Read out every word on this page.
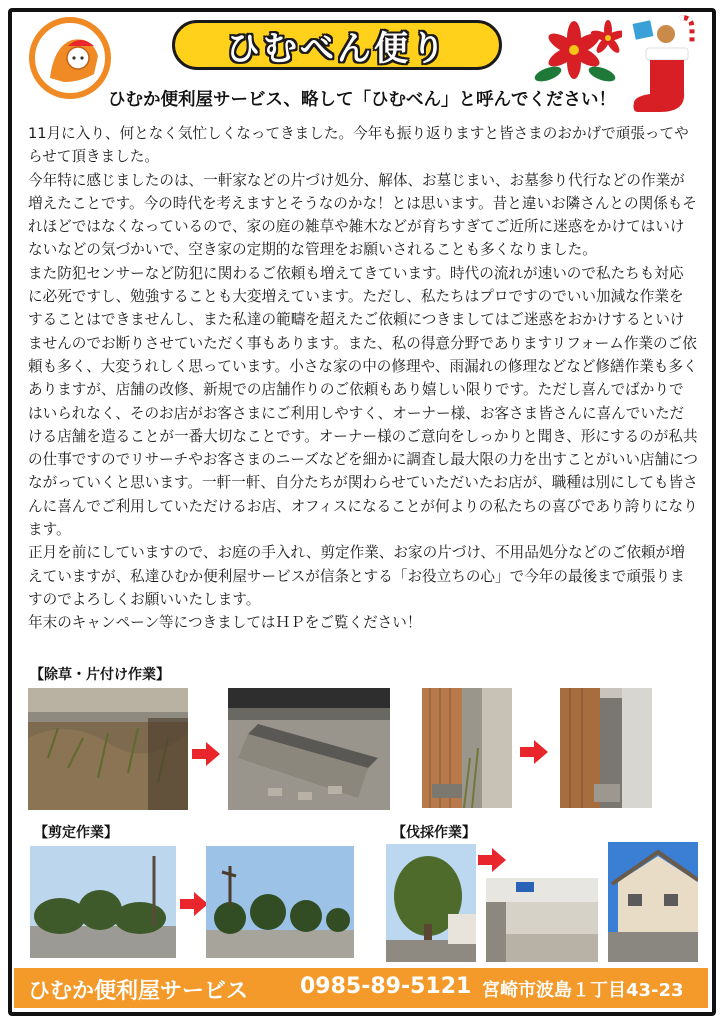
ひむべん便り
ひむか便利屋サービス、略して「ひむべん」と呼んでください！

11月に入り、何となく気忙しくなってきました。今年も振り返りますと皆さまのおかげで頑張ってやらせて頂きました。

今年特に感じましたのは、一軒家などの片づけ処分、解体、お墓じまい、お墓参り代行などの作業が増えたことです。今の時代を考えますとそうなのかな！とは思います。昔と違いお隣さんとの関係もそれほどではなくなっているので、家の庭の雑草や雑木などが育ちすぎてご近所に迷惑をかけてはいけないなどの気づかいで、空き家の定期的な管理をお願いされることも多くなりました。

また防犯センサーなど防犯に関わるご依頼も増えてきています。時代の流れが速いので私たちも対応に必死ですし、勉強することも大変増えています。ただし、私たちはプロですのでいい加減な作業をすることはできませんし、また私達の範疇を超えたご依頼につきましてはご迷惑をおかけするといけませんのでお断りさせていただく事もあります。また、私の得意分野でありますリフォーム作業のご依頼も多く、大変うれしく思っています。小さな家の中の修理や、雨漏れの修理などなど修繕作業も多くありますが、店舗の改修、新規での店舗作りのご依頼もあり嬉しい限りです。ただし喜んでばかりではいられなく、そのお店がお客さまにご利用しやすく、オーナー様、お客さま皆さんに喜んでいただける店舗を造ることが一番大切なことです。オーナー様のご意向をしっかりと聞き、形にするのが私共の仕事ですのでリサーチやお客さまのニーズなどを細かに調査し最大限の力を出すことがいい店舗につながっていくと思います。一軒一軒、自分たちが関わらせていただいたお店が、職種は別にしても皆さんに喜んでご利用していただけるお店、オフィスになることが何よりの私たちの喜びであり誇りになります。

正月を前にしていますので、お庭の手入れ、剪定作業、お家の片づけ、不用品処分などのご依頼が増えていますが、私達ひむか便利屋サービスが信条とする「お役立ちの心」で今年の最後まで頑張りますのでよろしくお願いいたします。

年末のキャンペーン等につきましてはＨＰをご覧ください！

【除草・片付け作業】
【剪定作業】	【伐採作業】
ひむか便利屋サービス 0985-89-5121 宮崎市波島１丁目43-23
